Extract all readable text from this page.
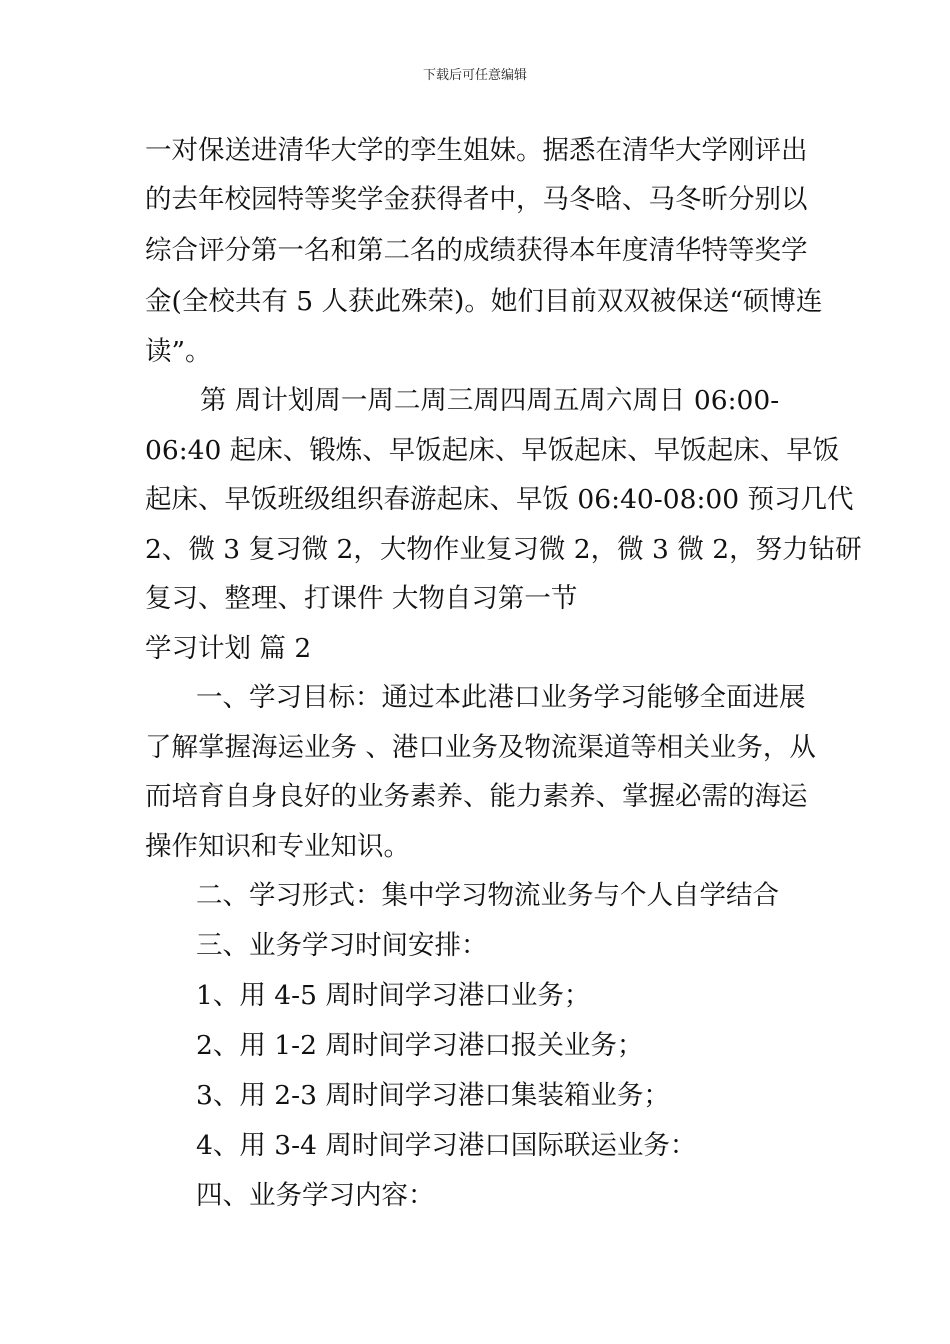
下载后可任意编辑
一对保送进清华大学的孪生姐妹。据悉在清华大学刚评出
的去年校园特等奖学金获得者中，马冬晗、马冬昕分别以
综合评分第一名和第二名的成绩获得本年度清华特等奖学
金(全校共有 5 人获此殊荣)。她们目前双双被保送“硕博连
读”。
第 周计划周一周二周三周四周五周六周日 06:00-
06:40 起床、锻炼、早饭起床、早饭起床、早饭起床、早饭
起床、早饭班级组织春游起床、早饭 06:40-08:00 预习几代
2、微 3 复习微 2，大物作业复习微 2，微 3 微 2，努力钻研
复习、整理、打课件 大物自习第一节
学习计划 篇 2
一、学习目标：通过本此港口业务学习能够全面进展
了解掌握海运业务 、港口业务及物流渠道等相关业务，从
而培育自身良好的业务素养、能力素养、掌握必需的海运
操作知识和专业知识。
二、学习形式：集中学习物流业务与个人自学结合
三、业务学习时间安排：
1、用 4-5 周时间学习港口业务；
2、用 1-2 周时间学习港口报关业务；
3、用 2-3 周时间学习港口集装箱业务；
4、用 3-4 周时间学习港口国际联运业务：
四、业务学习内容：
